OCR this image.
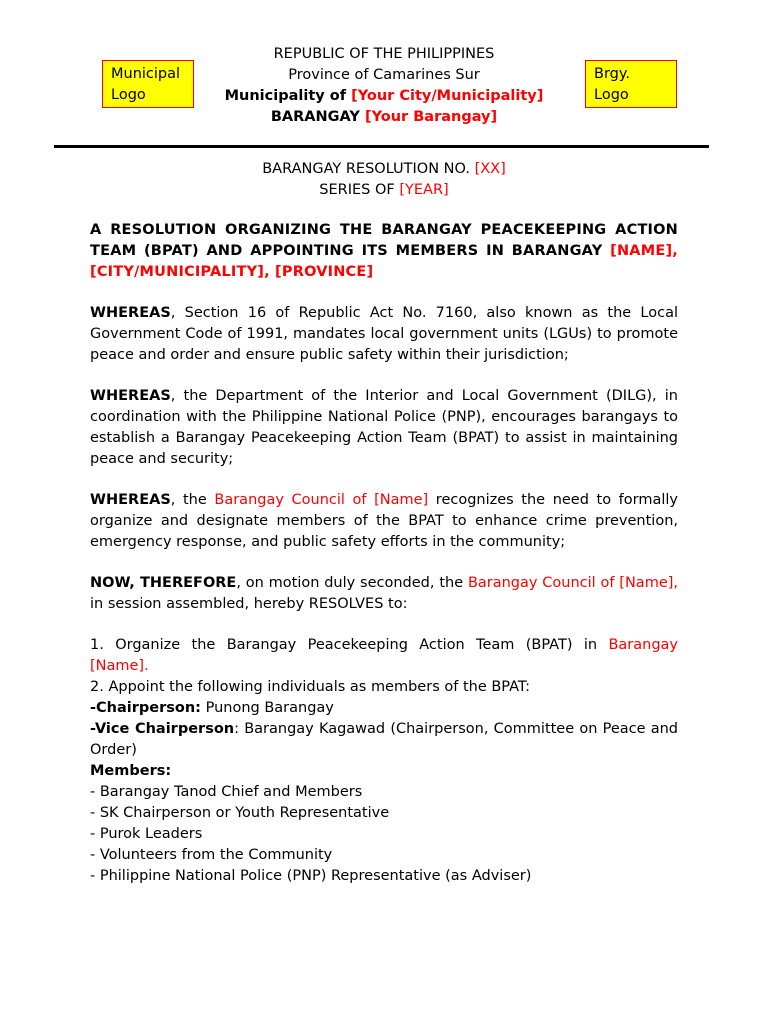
Municipal Logo
Brgy. Logo
REPUBLIC OF THE PHILIPPINES
Province of Camarines Sur
Municipality of [Your City/Municipality]
BARANGAY [Your Barangay]
BARANGAY RESOLUTION NO. [XX]
SERIES OF [YEAR]

A RESOLUTION ORGANIZING THE BARANGAY PEACEKEEPING ACTION TEAM (BPAT) AND APPOINTING ITS MEMBERS IN BARANGAY [NAME], [CITY/MUNICIPALITY], [PROVINCE]

WHEREAS, Section 16 of Republic Act No. 7160, also known as the Local Government Code of 1991, mandates local government units (LGUs) to promote peace and order and ensure public safety within their jurisdiction;

WHEREAS, the Department of the Interior and Local Government (DILG), in coordination with the Philippine National Police (PNP), encourages barangays to establish a Barangay Peacekeeping Action Team (BPAT) to assist in maintaining peace and security;

WHEREAS, the Barangay Council of [Name] recognizes the need to formally organize and designate members of the BPAT to enhance crime prevention, emergency response, and public safety efforts in the community;

NOW, THEREFORE, on motion duly seconded, the Barangay Council of [Name], in session assembled, hereby RESOLVES to:

1. Organize the Barangay Peacekeeping Action Team (BPAT) in Barangay [Name].

2. Appoint the following individuals as members of the BPAT:

-Chairperson: Punong Barangay

-Vice Chairperson: Barangay Kagawad (Chairperson, Committee on Peace and Order)

Members:

- Barangay Tanod Chief and Members

- SK Chairperson or Youth Representative

- Purok Leaders

- Volunteers from the Community

- Philippine National Police (PNP) Representative (as Adviser)
